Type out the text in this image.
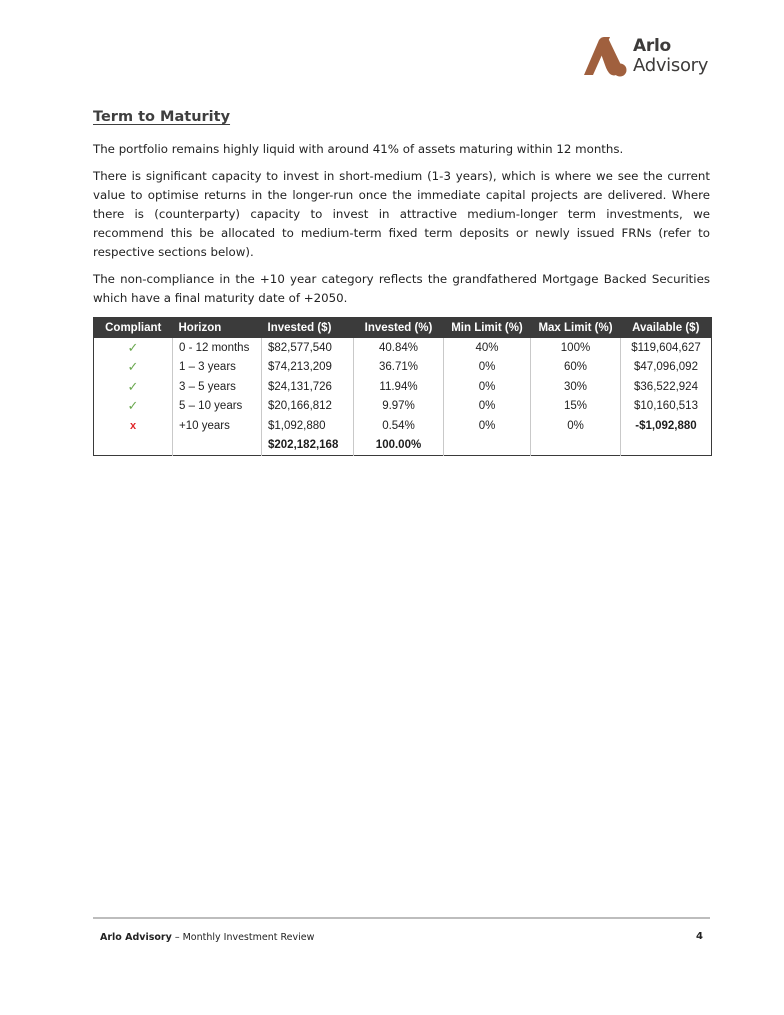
Arlo
Advisory
Term to Maturity

The portfolio remains highly liquid with around 41% of assets maturing within 12 months.

There is significant capacity to invest in short-medium (1-3 years), which is where we see the current value to optimise returns in the longer-run once the immediate capital projects are delivered. Where there is (counterparty) capacity to invest in attractive medium-longer term investments, we recommend this be allocated to medium-term fixed term deposits or newly issued FRNs (refer to respective sections below).

The non-compliance in the +10 year category reflects the grandfathered Mortgage Backed Securities which have a final maturity date of +2050.

Compliant	Horizon	Invested ($)	Invested (%)	Min Limit (%)	Max Limit (%)	Available ($)
✓	0 - 12 months	$82,577,540	40.84%	40%	100%	$119,604,627
✓	1 – 3 years	$74,213,209	36.71%	0%	60%	$47,096,092
✓	3 – 5 years	$24,131,726	11.94%	0%	30%	$36,522,924
✓	5 – 10 years	$20,166,812	9.97%	0%	15%	$10,160,513
x	+10 years	$1,092,880	0.54%	0%	0%	-$1,092,880
		$202,182,168	100.00%			
Arlo Advisory – Monthly Investment Review	4
